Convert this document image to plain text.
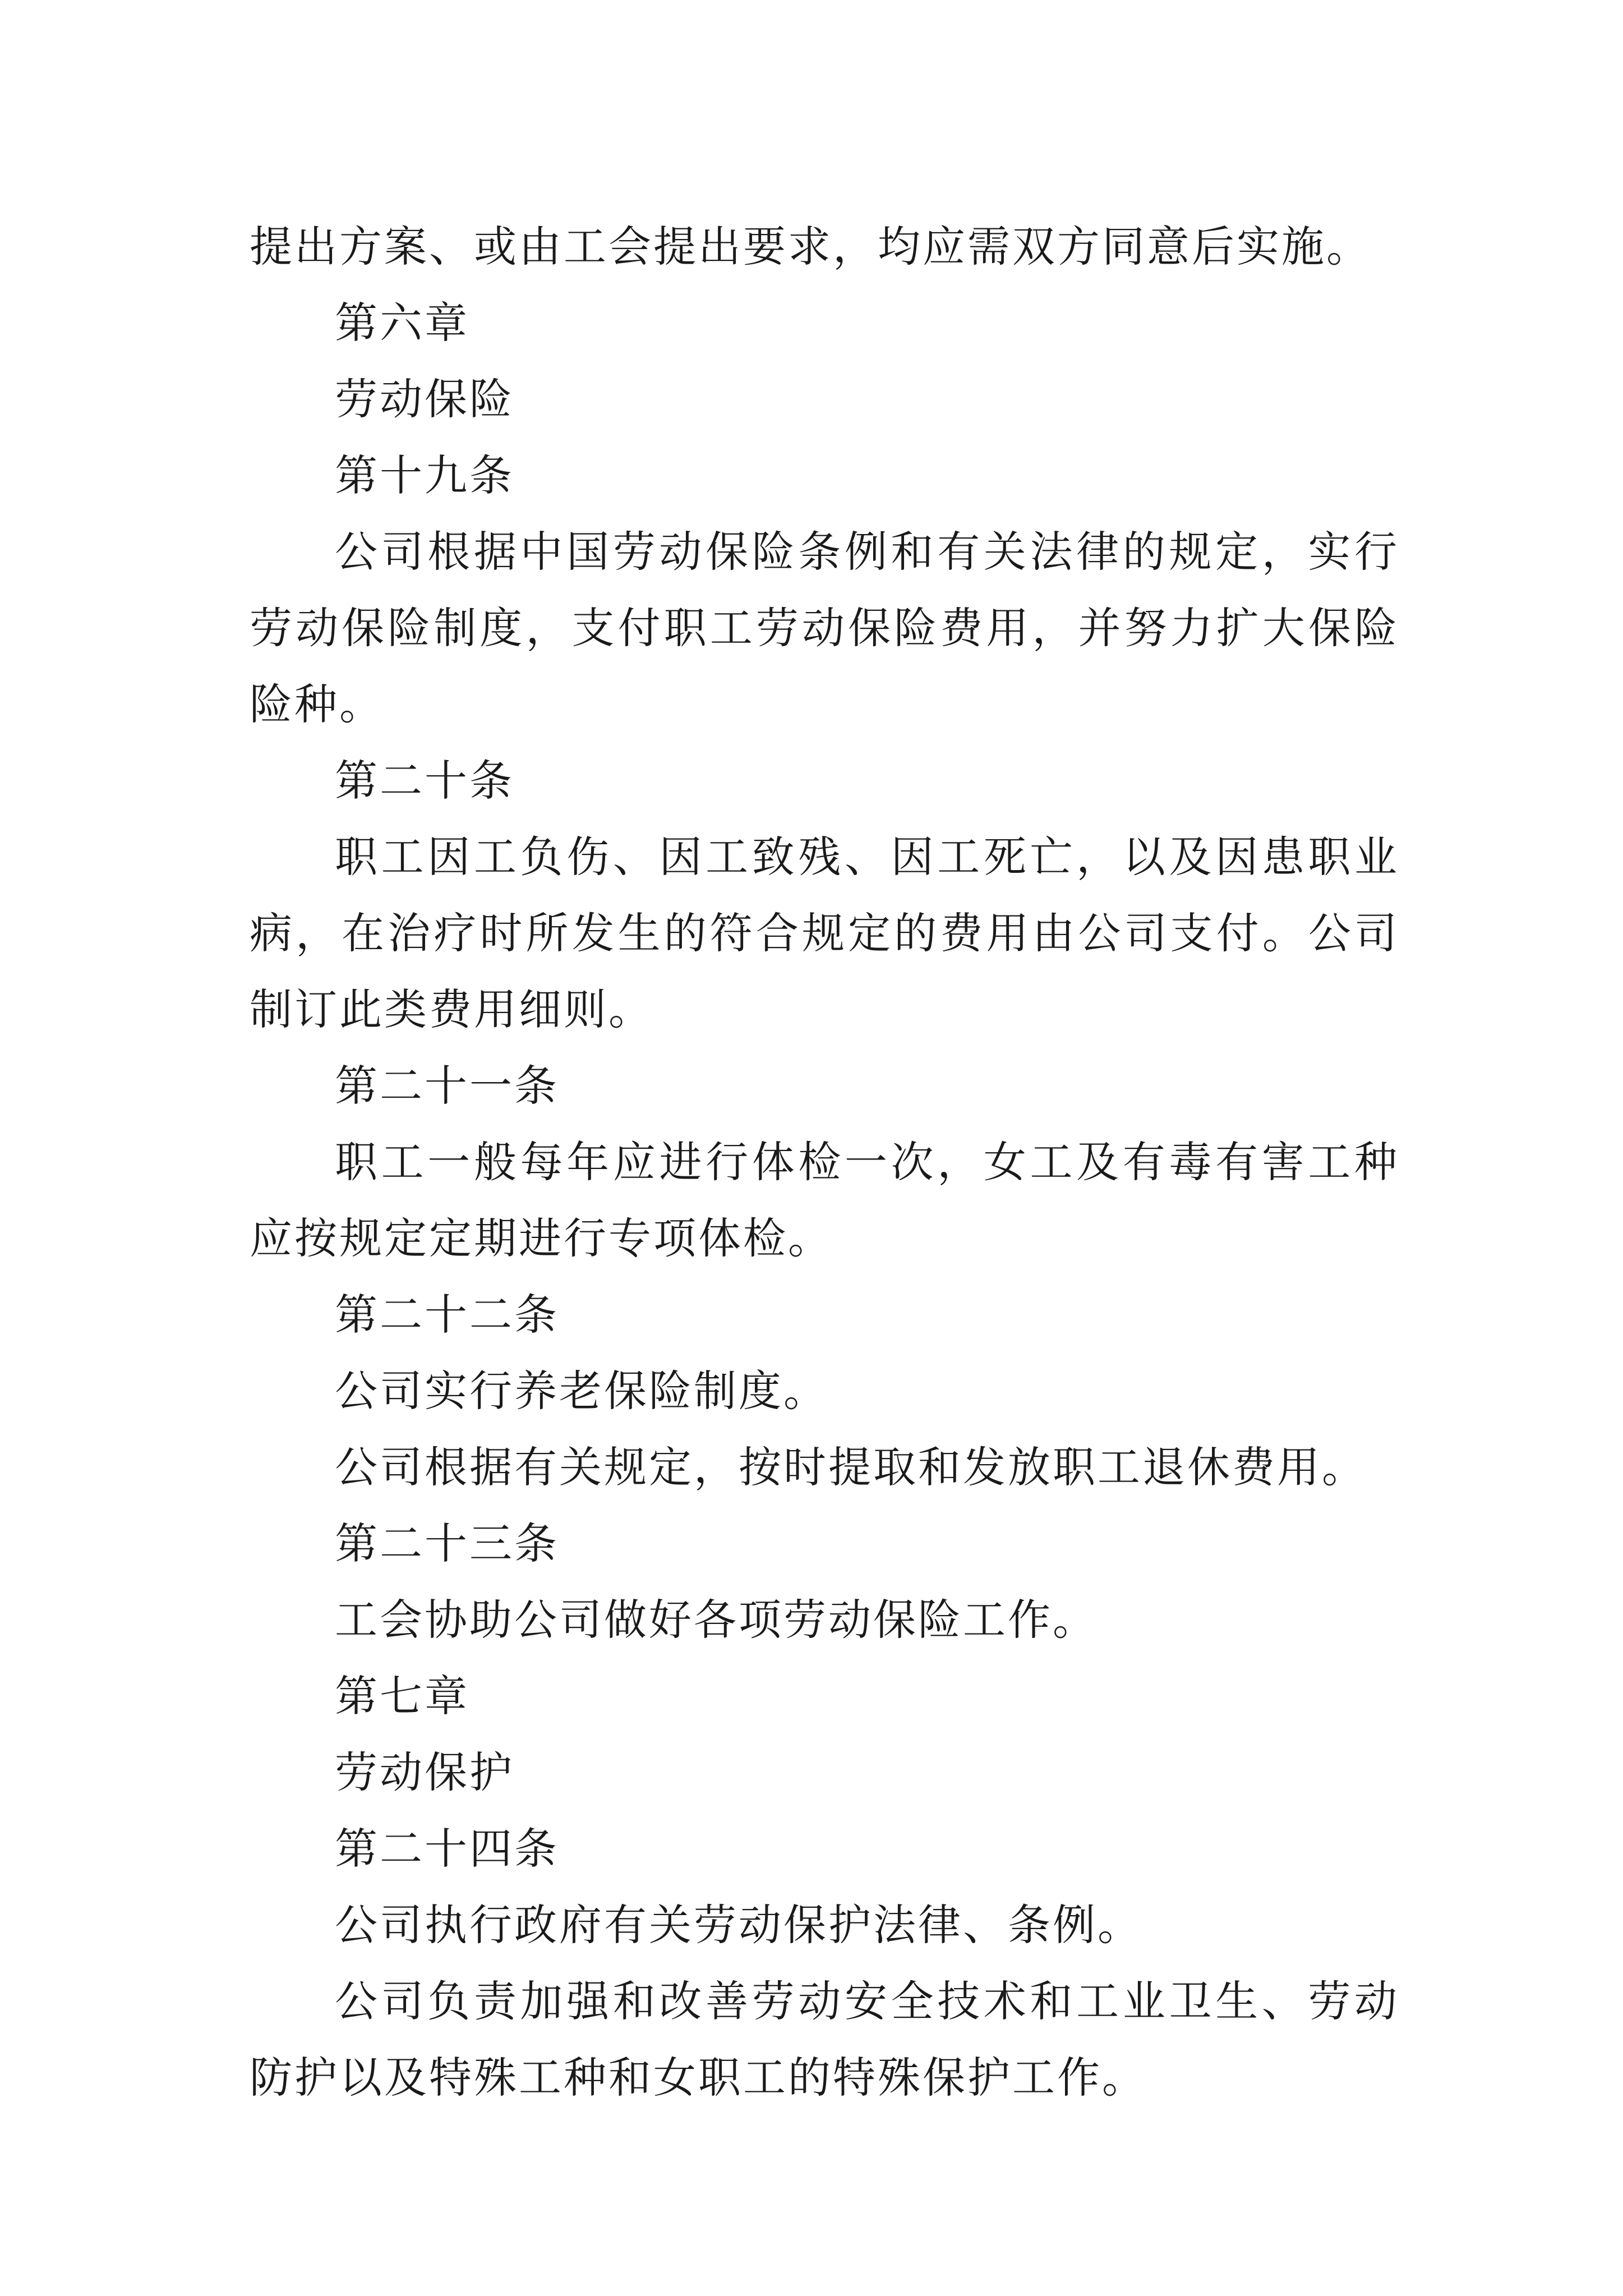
提出方案、或由工会提出要求，均应需双方同意后实施。

第六章

劳动保险

第十九条

公司根据中国劳动保险条例和有关法律的规定，实行劳动保险制度，支付职工劳动保险费用，并努力扩大保险险种。

第二十条

职工因工负伤、因工致残、因工死亡，以及因患职业病，在治疗时所发生的符合规定的费用由公司支付。公司制订此类费用细则。

第二十一条

职工一般每年应进行体检一次，女工及有毒有害工种应按规定定期进行专项体检。

第二十二条

公司实行养老保险制度。

公司根据有关规定，按时提取和发放职工退休费用。

第二十三条

工会协助公司做好各项劳动保险工作。

第七章

劳动保护

第二十四条

公司执行政府有关劳动保护法律、条例。

公司负责加强和改善劳动安全技术和工业卫生、劳动防护以及特殊工种和女职工的特殊保护工作。
